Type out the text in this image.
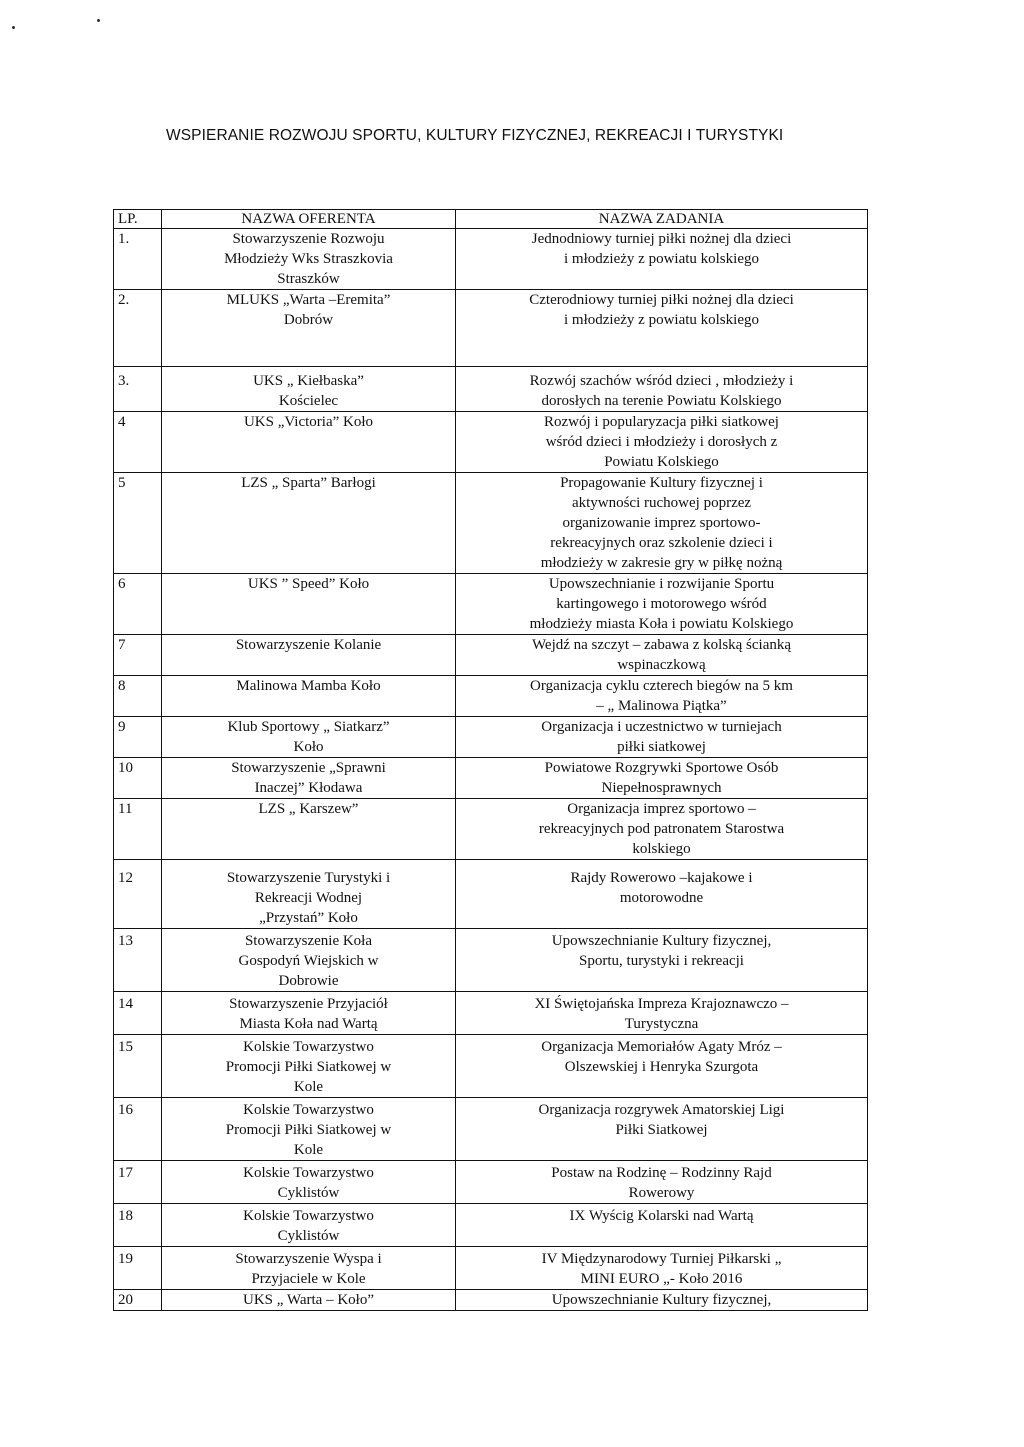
WSPIERANIE ROZWOJU SPORTU, KULTURY FIZYCZNEJ, REKREACJI I TURYSTYKI
LP.	NAZWA OFERENTA	NAZWA ZADANIA
1.	Stowarzyszenie Rozwoju
Młodzieży Wks Straszkovia
Straszków	Jednodniowy turniej piłki nożnej dla dzieci
i młodzieży z powiatu kolskiego
2.	MLUKS „Warta –Eremita”
Dobrów	Czterodniowy turniej piłki nożnej dla dzieci
i młodzieży z powiatu kolskiego
3.	UKS „ Kiełbaska”
Kościelec	Rozwój szachów wśród dzieci , młodzieży i
dorosłych na terenie Powiatu Kolskiego
4	UKS „Victoria” Koło	Rozwój i popularyzacja piłki siatkowej
wśród dzieci i młodzieży i dorosłych z
Powiatu Kolskiego
5	LZS „ Sparta” Barłogi	Propagowanie Kultury fizycznej i
aktywności ruchowej poprzez
organizowanie imprez sportowo-
rekreacyjnych oraz szkolenie dzieci i
młodzieży w zakresie gry w piłkę nożną
6	UKS ” Speed” Koło	Upowszechnianie i rozwijanie Sportu
kartingowego i motorowego wśród
młodzieży miasta Koła i powiatu Kolskiego
7	Stowarzyszenie Kolanie	Wejdź na szczyt – zabawa z kolską ścianką
wspinaczkową
8	Malinowa Mamba Koło	Organizacja cyklu czterech biegów na 5 km
– „ Malinowa Piątka”
9	Klub Sportowy „ Siatkarz”
Koło	Organizacja i uczestnictwo w turniejach
piłki siatkowej
10	Stowarzyszenie „Sprawni
Inaczej” Kłodawa	Powiatowe Rozgrywki Sportowe Osób
Niepełnosprawnych
11	LZS „ Karszew”	Organizacja imprez sportowo –
rekreacyjnych pod patronatem Starostwa
kolskiego
12	Stowarzyszenie Turystyki i
Rekreacji Wodnej
„Przystań” Koło	Rajdy Rowerowo –kajakowe i
motorowodne
13	Stowarzyszenie Koła
Gospodyń Wiejskich w
Dobrowie	Upowszechnianie Kultury fizycznej,
Sportu, turystyki i rekreacji
14	Stowarzyszenie Przyjaciół
Miasta Koła nad Wartą	XI Świętojańska Impreza Krajoznawczo –
Turystyczna
15	Kolskie Towarzystwo
Promocji Piłki Siatkowej w
Kole	Organizacja Memoriałów Agaty Mróz –
Olszewskiej i Henryka Szurgota
16	Kolskie Towarzystwo
Promocji Piłki Siatkowej w
Kole	Organizacja rozgrywek Amatorskiej Ligi
Piłki Siatkowej
17	Kolskie Towarzystwo
Cyklistów	Postaw na Rodzinę – Rodzinny Rajd
Rowerowy
18	Kolskie Towarzystwo
Cyklistów	IX Wyścig Kolarski nad Wartą
19	Stowarzyszenie Wyspa i
Przyjaciele w Kole	IV Międzynarodowy Turniej Piłkarski „
MINI EURO „- Koło 2016
20	UKS „ Warta – Koło”	Upowszechnianie Kultury fizycznej,
